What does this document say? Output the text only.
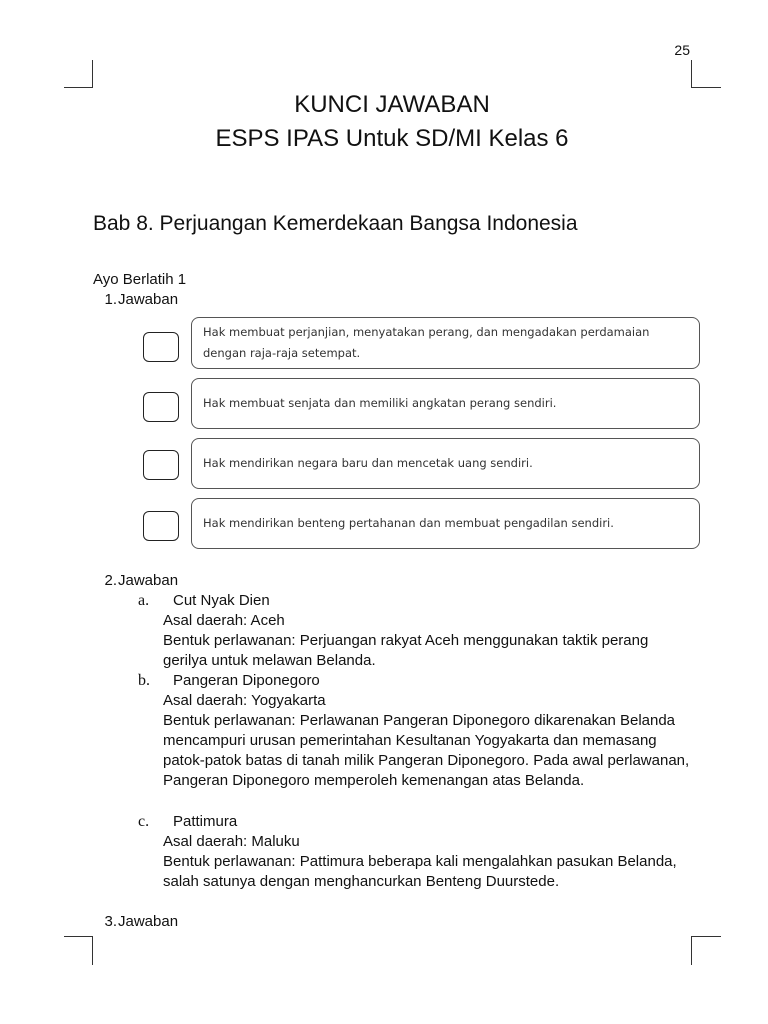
25
KUNCI JAWABAN
ESPS IPAS Untuk SD/MI Kelas 6
Bab 8. Perjuangan Kemerdekaan Bangsa Indonesia
Ayo Berlatih 1
1.Jawaban
Hak membuat perjanjian, menyatakan perang, dan mengadakan perdamaian dengan raja-raja setempat.
Hak membuat senjata dan memiliki angkatan perang sendiri.
Hak mendirikan negara baru dan mencetak uang sendiri.
Hak mendirikan benteng pertahanan dan membuat pengadilan sendiri.
2.Jawaban
a. Cut Nyak Dien
Asal daerah: Aceh
Bentuk perlawanan: Perjuangan rakyat Aceh menggunakan taktik perang gerilya untuk melawan Belanda.
b. Pangeran Diponegoro
Asal daerah: Yogyakarta
Bentuk perlawanan: Perlawanan Pangeran Diponegoro dikarenakan Belanda mencampuri urusan pemerintahan Kesultanan Yogyakarta dan memasang patok-patok batas di tanah milik Pangeran Diponegoro. Pada awal perlawanan, Pangeran Diponegoro memperoleh kemenangan atas Belanda.
c. Pattimura
Asal daerah: Maluku
Bentuk perlawanan: Pattimura beberapa kali mengalahkan pasukan Belanda, salah satunya dengan menghancurkan Benteng Duurstede.
3.Jawaban
